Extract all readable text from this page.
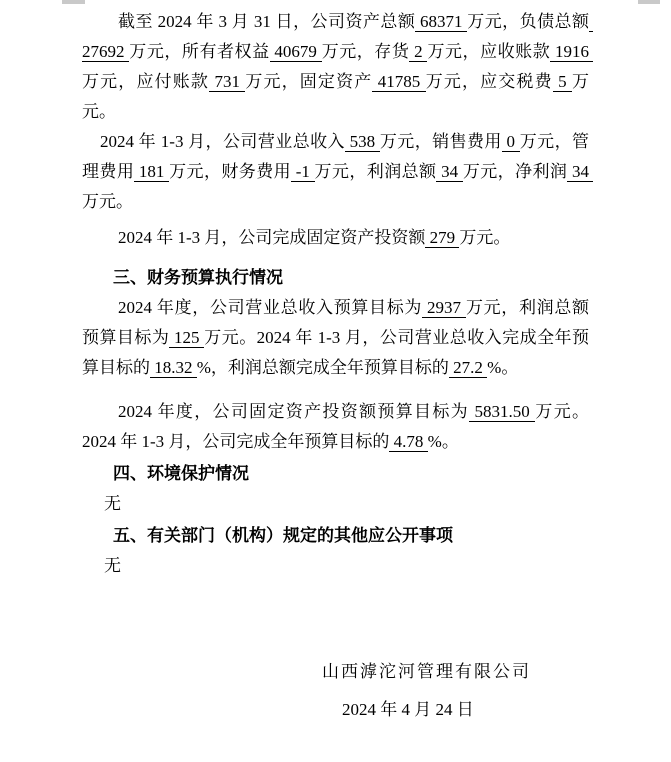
截至 2024 年 3 月 31 日，公司资产总额 68371 万元，负债总额 27692 万元，所有者权益 40679 万元，存货 2 万元，应收账款 1916 万元，应付账款 731 万元，固定资产 41785 万元，应交税费 5 万元。
2024 年 1-3 月，公司营业总收入 538 万元，销售费用 0 万元，管理费用 181 万元，财务费用 -1 万元，利润总额 34 万元，净利润 34 万元。
2024 年 1-3 月，公司完成固定资产投资额 279 万元。
三、财务预算执行情况
2024 年度，公司营业总收入预算目标为 2937 万元，利润总额预算目标为 125 万元。2024 年 1-3 月，公司营业总收入完成全年预算目标的 18.32 %，利润总额完成全年预算目标的 27.2 %。
2024 年度，公司固定资产投资额预算目标为 5831.50 万元。2024 年 1-3 月，公司完成全年预算目标的 4.78 %。
四、环境保护情况
无
五、有关部门（机构）规定的其他应公开事项
无
山西滹沱河管理有限公司
2024 年 4 月 24 日
